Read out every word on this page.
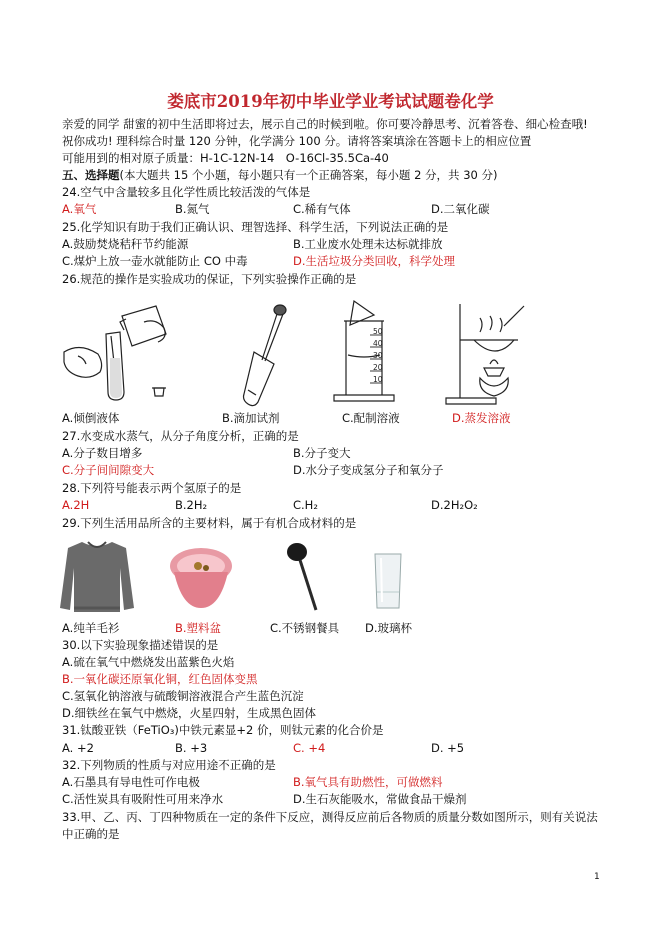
娄底市2019年初中毕业学业考试试题卷化学
亲爱的同学 甜蜜的初中生活即将过去，展示自己的时候到啦。你可要冷静思考、沉着答卷、细心检查哦!
祝你成功! 理科综合时量 120 分钟，化学满分 100 分。请将答案填涂在答题卡上的相应位置
可能用到的相对原子质量：H-1C-12N-14　O-16Cl-35.5Ca-40
五、选择题(本大题共 15 个小题，每小题只有一个正确答案，每小题 2 分，共 30 分)
24.空气中含量较多且化学性质比较活泼的气体是
A.氧气	B.氮气	C.稀有气体	D.二氧化碳
25.化学知识有助于我们正确认识、理智选择、科学生活，下列说法正确的是
A.鼓励焚烧秸秆节约能源	B.工业废水处理未达标就排放
C.煤炉上放一壶水就能防止 CO 中毒	D.生活垃圾分类回收，科学处理
26.规范的操作是实验成功的保证，下列实验操作正确的是
50
40
30
20
10
A.倾倒液体	B.滴加试剂	C.配制溶液	D.蒸发溶液
27.水变成水蒸气，从分子角度分析，正确的是
A.分子数目增多	B.分子变大
C.分子间间隙变大	D.水分子变成氢分子和氧分子
28.下列符号能表示两个氢原子的是
A.2H	B.2H₂	C.H₂	D.2H₂O₂
29.下列生活用品所含的主要材料，属于有机合成材料的是
A.纯羊毛衫	B.塑料盆	C.不锈钢餐具 D.玻璃杯
30.以下实验现象描述错误的是
A.硫在氧气中燃烧发出蓝紫色火焰
B.一氧化碳还原氧化铜，红色固体变黑
C.氢氧化钠溶液与硫酸铜溶液混合产生蓝色沉淀
D.细铁丝在氧气中燃烧，火星四射，生成黑色固体
31.钛酸亚铁（FeTiO₃)中铁元素显+2 价，则钛元素的化合价是
A. +2	B. +3	C. +4	D. +5
32.下列物质的性质与对应用途不正确的是
A.石墨具有导电性可作电极	B.氧气具有助燃性，可做燃料
C.活性炭具有吸附性可用来净水	D.生石灰能吸水，常做食品干燥剂
33.甲、乙、丙、丁四种物质在一定的条件下反应，测得反应前后各物质的质量分数如图所示，则有关说法
中正确的是
1
